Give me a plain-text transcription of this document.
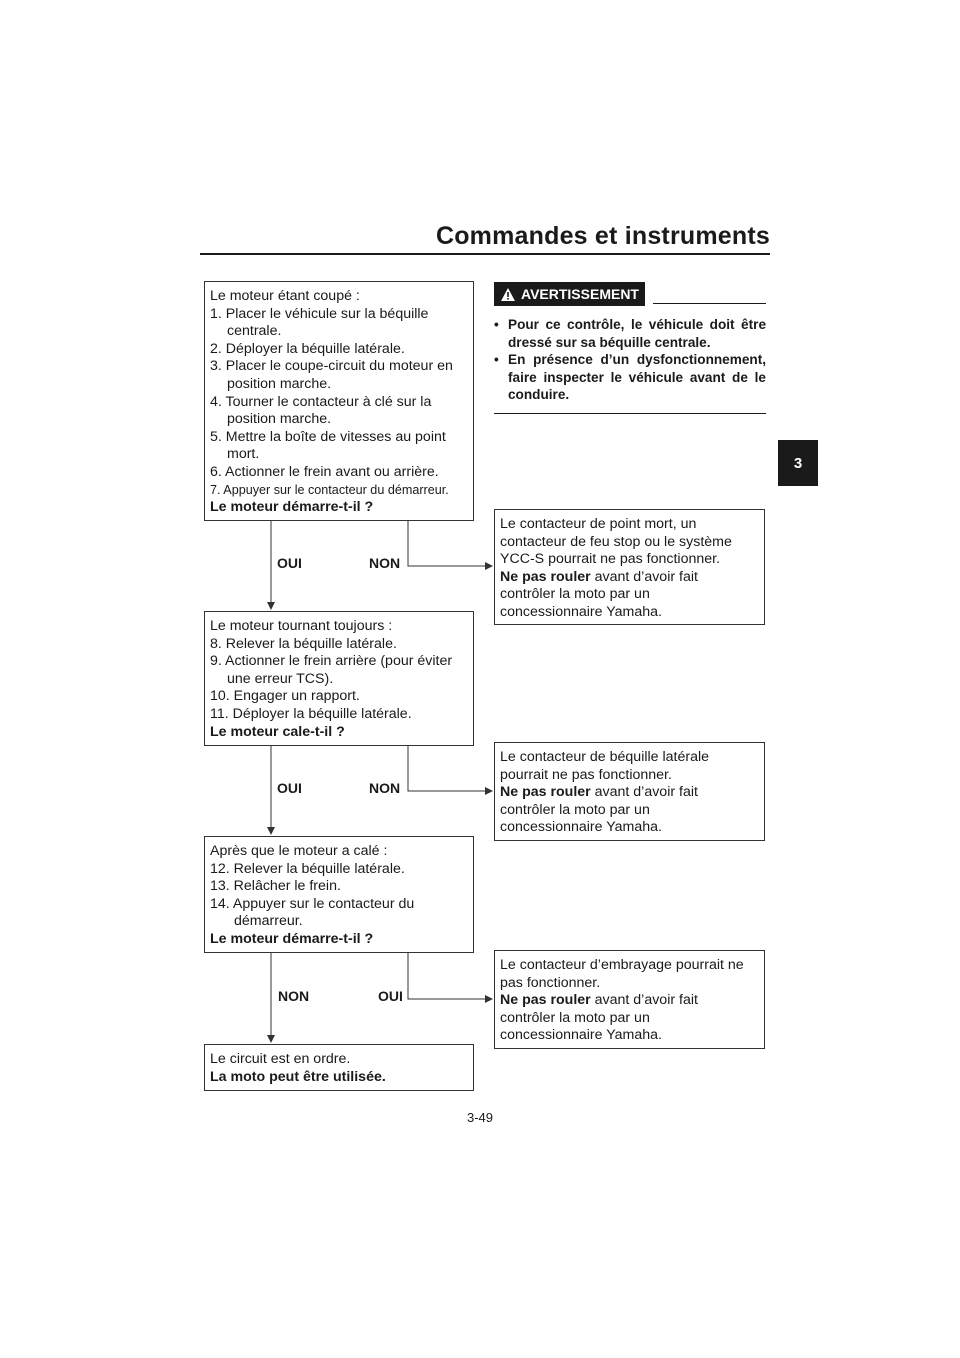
Commandes et instruments
3
Le moteur étant coupé :
1. Placer le véhicule sur la béquille
centrale.
2. Déployer la béquille latérale.
3. Placer le coupe-circuit du moteur en
position marche.
4. Tourner le contacteur à clé sur la
position marche.
5. Mettre la boîte de vitesses au point
mort.
6. Actionner le frein avant ou arrière.
7. Appuyer sur le contacteur du démarreur.
Le moteur démarre-t-il ?
AVERTISSEMENT
• Pour ce contrôle, le véhicule doit être dressé sur sa béquille centrale.
• En présence d’un dysfonctionnement, faire inspecter le véhicule avant de le conduire.
Le contacteur de point mort, un
contacteur de feu stop ou le système
YCC-S pourrait ne pas fonctionner.
Ne pas rouler avant d’avoir fait
contrôler la moto par un
concessionnaire Yamaha.
OUI	NON
Le moteur tournant toujours :
8. Relever la béquille latérale.
9. Actionner le frein arrière (pour éviter
une erreur TCS).
10. Engager un rapport.
11. Déployer la béquille latérale.
Le moteur cale-t-il ?
Le contacteur de béquille latérale
pourrait ne pas fonctionner.
Ne pas rouler avant d’avoir fait
contrôler la moto par un
concessionnaire Yamaha.
OUI	NON
Après que le moteur a calé :
12. Relever la béquille latérale.
13. Relâcher le frein.
14. Appuyer sur le contacteur du
démarreur.
Le moteur démarre-t-il ?
Le contacteur d’embrayage pourrait ne
pas fonctionner.
Ne pas rouler avant d’avoir fait
contrôler la moto par un
concessionnaire Yamaha.
NON	OUI
Le circuit est en ordre.
La moto peut être utilisée.
3-49
